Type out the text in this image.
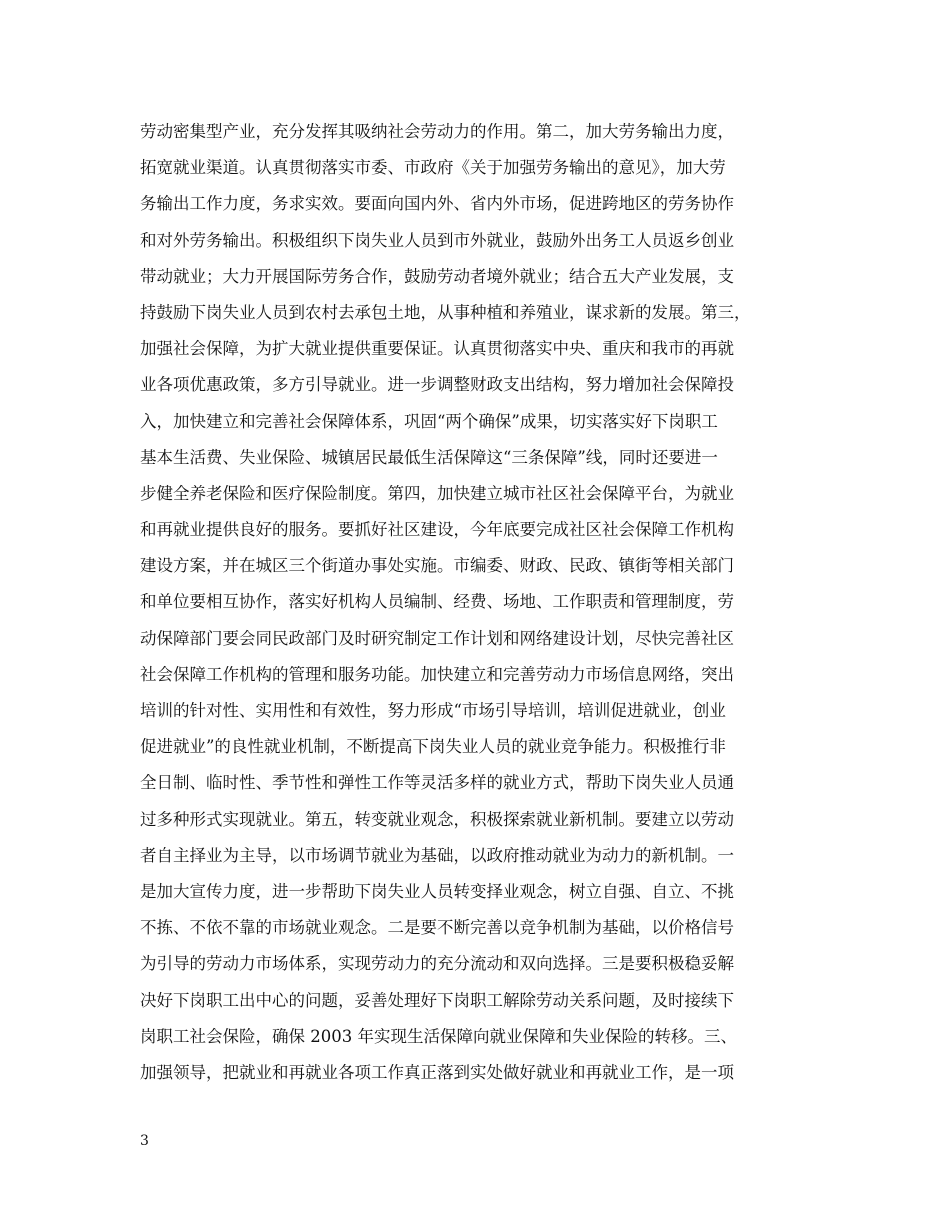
劳动密集型产业，充分发挥其吸纳社会劳动力的作用。第二，加大劳务输出力度，
拓宽就业渠道。认真贯彻落实市委、市政府《关于加强劳务输出的意见》，加大劳
务输出工作力度，务求实效。要面向国内外、省内外市场，促进跨地区的劳务协作
和对外劳务输出。积极组织下岗失业人员到市外就业，鼓励外出务工人员返乡创业
带动就业；大力开展国际劳务合作，鼓励劳动者境外就业；结合五大产业发展，支
持鼓励下岗失业人员到农村去承包土地，从事种植和养殖业，谋求新的发展。第三，
加强社会保障，为扩大就业提供重要保证。认真贯彻落实中央、重庆和我市的再就
业各项优惠政策，多方引导就业。进一步调整财政支出结构，努力增加社会保障投
入，加快建立和完善社会保障体系，巩固“两个确保”成果，切实落实好下岗职工
基本生活费、失业保险、城镇居民最低生活保障这“三条保障”线，同时还要进一
步健全养老保险和医疗保险制度。第四，加快建立城市社区社会保障平台，为就业
和再就业提供良好的服务。要抓好社区建设，今年底要完成社区社会保障工作机构
建设方案，并在城区三个街道办事处实施。市编委、财政、民政、镇街等相关部门
和单位要相互协作，落实好机构人员编制、经费、场地、工作职责和管理制度，劳
动保障部门要会同民政部门及时研究制定工作计划和网络建设计划，尽快完善社区
社会保障工作机构的管理和服务功能。加快建立和完善劳动力市场信息网络，突出
培训的针对性、实用性和有效性，努力形成“市场引导培训，培训促进就业，创业
促进就业”的良性就业机制，不断提高下岗失业人员的就业竞争能力。积极推行非
全日制、临时性、季节性和弹性工作等灵活多样的就业方式，帮助下岗失业人员通
过多种形式实现就业。第五，转变就业观念，积极探索就业新机制。要建立以劳动
者自主择业为主导，以市场调节就业为基础，以政府推动就业为动力的新机制。一
是加大宣传力度，进一步帮助下岗失业人员转变择业观念，树立自强、自立、不挑
不拣、不依不靠的市场就业观念。二是要不断完善以竞争机制为基础，以价格信号
为引导的劳动力市场体系，实现劳动力的充分流动和双向选择。三是要积极稳妥解
决好下岗职工出中心的问题，妥善处理好下岗职工解除劳动关系问题，及时接续下
岗职工社会保险，确保 2003 年实现生活保障向就业保障和失业保险的转移。三、
加强领导，把就业和再就业各项工作真正落到实处做好就业和再就业工作，是一项
3
